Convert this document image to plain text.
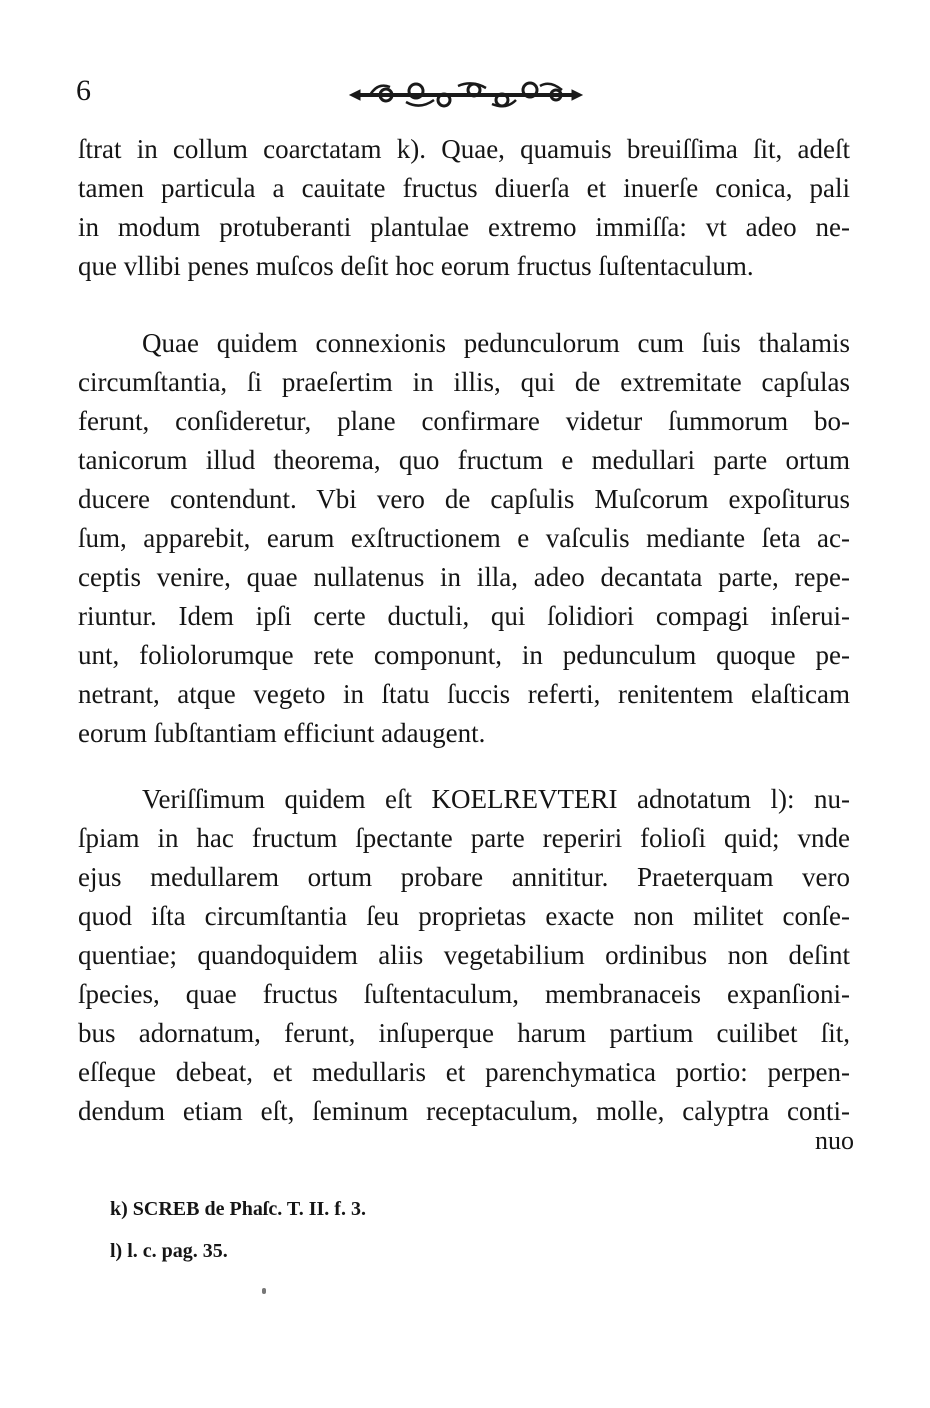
6
ſtrat in collum coarctatam k). Quae, quamuis breuiſſima ſit, adeſt
tamen particula a cauitate fructus diuerſa et inuerſe conica, pali
in modum protuberanti plantulae extremo immiſſa: vt adeo ne-
que vllibi penes muſcos deſit hoc eorum fructus ſuſtentaculum.
Quae quidem connexionis pedunculorum cum ſuis thalamis
circumſtantia, ſi praeſertim in illis, qui de extremitate capſulas
ferunt, conſideretur, plane confirmare videtur ſummorum bo-
tanicorum illud theorema, quo fructum e medullari parte ortum
ducere contendunt. Vbi vero de capſulis Muſcorum expoſiturus
ſum, apparebit, earum exſtructionem e vaſculis mediante ſeta ac-
ceptis venire, quae nullatenus in illa, adeo decantata parte, repe-
riuntur. Idem ipſi certe ductuli, qui ſolidiori compagi inſerui-
unt, foliolorumque rete componunt, in pedunculum quoque pe-
netrant, atque vegeto in ſtatu ſuccis referti, renitentem elaſticam
eorum ſubſtantiam efficiunt adaugent.
Veriſſimum quidem eſt KOELREVTERI adnotatum l): nu-
ſpiam in hac fructum ſpectante parte reperiri folioſi quid; vnde
ejus medullarem ortum probare annititur. Praeterquam vero
quod iſta circumſtantia ſeu proprietas exacte non militet conſe-
quentiae; quandoquidem aliis vegetabilium ordinibus non deſint
ſpecies, quae fructus ſuſtentaculum, membranaceis expanſioni-
bus adornatum, ferunt, inſuperque harum partium cuilibet ſit,
eſſeque debeat, et medullaris et parenchymatica portio: perpen-
dendum etiam eſt, ſeminum receptaculum, molle, calyptra conti-
nuo
k) SCREB de Phaſc. T. II. f. 3.
l) l. c. pag. 35.
